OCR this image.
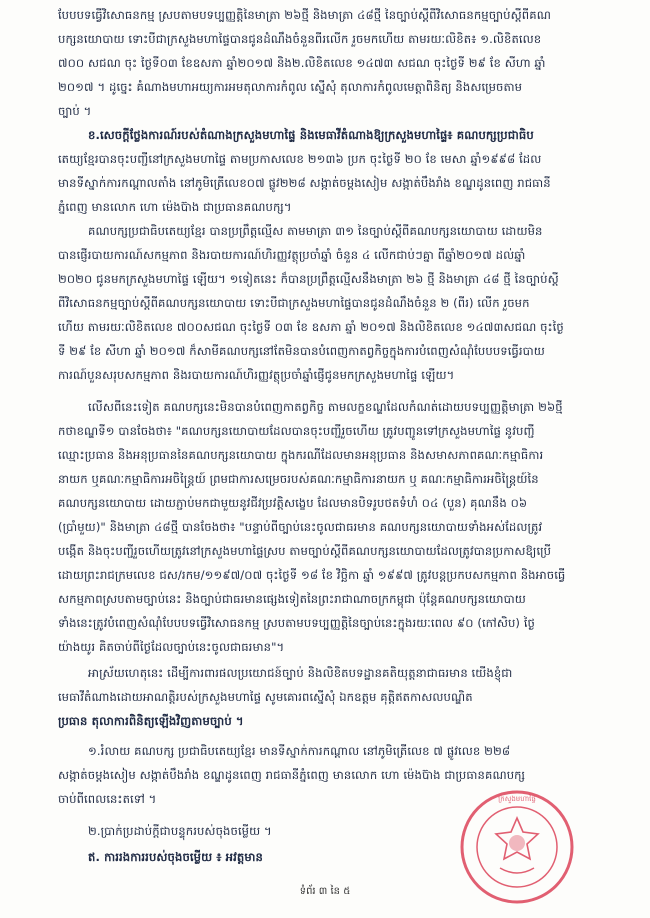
បែបបទធ្វើវិសោធនកម្ម ស្របតាមបទប្បញ្ញត្តិនៃមាត្រា ២៦ថ្មី និងមាត្រា ៤៨ថ្មី នៃច្បាប់ស្តីពីវិសោធនកម្មច្បាប់ស្តីពីគណ
បក្សនយោបាយ ទោះបីជាក្រសួងមហាផ្ទៃបានជូនដំណឹងចំនួនពីរលើក រួចមកហើយ តាមរយៈលិខិត៖ ១.លិខិតលេខ
៧០០ សជណ ចុះ ថ្ងៃទី០៣ ខែឧសភា ឆ្នាំ២០១៧ និង២.លិខិតលេខ ១៤៧៣ សជណ ចុះថ្ងៃទី ២៩ ខែ សីហា ឆ្នាំ
២០១៧ ។ ដូច្នេះ គំណាងមហាអយ្យការអមតុលាការកំពូល ស្នើសុំ តុលាការកំពូលមេត្តាពិនិត្យ និងសម្រេចតាម
ច្បាប់ ។
ខ.សេចក្តីថ្លែងការណ៍របស់តំណាងក្រសួងមហាផ្ទៃ និងមេធាវីតំណាងឱ្យក្រសួងមហាផ្ទៃ៖ គណបក្សប្រជាធិប
តេយ្យខ្មែរបានចុះបញ្ជីនៅក្រសួងមហាផ្ទៃ តាមប្រកាសលេខ ២១៣៦ ប្រក ចុះថ្ងៃទី ២០ ខែ មេសា ឆ្នាំ១៩៩៨ ដែល
មានទីស្នាក់ការកណ្តាលតាំង នៅភូមិត្រើលេខ០៧ ផ្លូវ២២៨ សង្កាត់ចម្តងសៀម សង្កាត់បឹងរាំង ខណ្ឌដូនពេញ រាជធានី
ភ្នំពេញ មានលោក ហោ ម៉េងប៊ាង ជាប្រធានគណបក្ស។
គណបក្សប្រជាធិបតេយ្យខ្មែរ បានប្រព្រឹត្តល្មើស តាមមាត្រា ៣១ នៃច្បាប់ស្តីពីគណបក្សនយោបាយ ដោយមិន
បានផ្ញើរបាយការណ៍សកម្មភាព និងរបាយការណ៍ហិរញ្ញវត្ថុប្រចាំឆ្នាំ ចំនួន ៤ លើកជាប់ៗគ្នា ពីឆ្នាំ២០១៧ ដល់ឆ្នាំ
២០២០ ជូនមកក្រសួងមហាផ្ទៃ ឡើយ។ ១ទៀតនេះ ក៏បានប្រព្រឹត្តល្មើសនឹងមាត្រា ២៦ ថ្មី និងមាត្រា ៤៨ ថ្មី នៃច្បាប់ស្តី
ពីវិសោធនកម្មច្បាប់ស្តីពីគណបក្សនយោបាយ ទោះបីជាក្រសួងមហាផ្ទៃបានជូនដំណឹងចំនួន ២ (ពីរ) លើក រួចមក
ហើយ តាមរយៈលិខិតលេខ ៧០០សជណ ចុះថ្ងៃទី ០៣ ខែ ឧសភា ឆ្នាំ ២០១៧ និងលិខិតលេខ ១៤៧៣សជណ ចុះថ្ងៃ
ទី ២៩ ខែ សីហា ឆ្នាំ ២០១៧ ក៏សាមីគណបក្សនៅតែមិនបានបំពេញកាតព្វកិច្ចក្នុងការបំពេញសំណុំបែបបទធ្វើរបាយ
ការណ៍បួនសរុបសកម្មភាព និងរបាយការណ៍ហិរញ្ញវត្ថុប្រចាំឆ្នាំផ្ញើជូនមកក្រសួងមហាផ្ទៃ ឡើយ។
លើសពីនេះទៀត គណបក្សនេះមិនបានបំពេញកាតព្វកិច្ច តាមលក្ខខណ្ឌដែលកំណត់ដោយបទប្បញ្ញត្តិមាត្រា ២៦ថ្មី
កថាខណ្ឌទី១ បានចែងថា៖ "គណបក្សនយោបាយដែលបានចុះបញ្ជីរួចហើយ ត្រូវបញ្ជូនទៅក្រសួងមហាផ្ទៃ នូវបញ្ជី
ឈ្មោះប្រធាន និងអនុប្រធាននៃគណបក្សនយោបាយ ក្នុងករណីដែលមានអនុប្រធាន និងសមាសភាពគណៈកម្មាធិការ
នាយក ឬគណៈកម្មាធិការអចិន្ត្រៃយ៍ ព្រមជាការសម្រេចរបស់គណៈកម្មាធិការនាយក ឬ គណៈកម្មាធិការអចិន្ត្រៃយ៍នៃ
គណបក្សនយោបាយ ដោយភ្ជាប់មកជាមួយនូវជីវប្រវត្តិសង្ខេប ដែលមានបិទរូបថតទំហំ ០៤ (បួន) គុណនឹង ០៦
(ប្រាំមួយ)" និងមាត្រា ៤៨ថ្មី បានចែងថា៖ "បន្ទាប់ពីច្បាប់នេះចូលជាធរមាន គណបក្សនយោបាយទាំងអស់ដែលត្រូវ
បង្កើត និងចុះបញ្ជីរួចហើយត្រូវនៅក្រសួងមហាផ្ទៃស្រប តាមច្បាប់ស្តីពីគណបក្សនយោបាយដែលត្រូវបានប្រកាសឱ្យប្រើ
ដោយព្រះរាជក្រមលេខ ជស/រកម/១១៩៧/០៧ ចុះថ្ងៃទី ១៨ ខែ វិច្ឆិកា ឆ្នាំ ១៩៩៧ ត្រូវបន្តប្រកបសកម្មភាព និងអាចធ្វើ
សកម្មភាពស្របតាមច្បាប់នេះ និងច្បាប់ជាធរមានផ្សេងទៀតនៃព្រះរាជាណាចក្រកម្ពុជា ប៉ុន្តែគណបក្សនយោបាយ
ទាំងនេះត្រូវបំពេញសំណុំបែបបទធ្វើវិសោធនកម្ម ស្របតាមបទប្បញ្ញត្តិនៃច្បាប់នេះក្នុងរយៈពេល ៩០ (កៅសិប) ថ្ងៃ
យ៉ាងយូរ គិតចាប់ពីថ្ងៃដែលច្បាប់នេះចូលជាធរមាន"។
អាស្រ័យហេតុនេះ ដើម្បីការពារផលប្រយោជន៍ច្បាប់ និងលិខិតបទដ្ឋានគតិយុត្តនាជាធរមាន យើងខ្ញុំជា
មេធាវីតំណាងដោយអាណត្តិរបស់ក្រសួងមហាផ្ទៃ សូមគោរពស្នើសុំ ឯកឧត្តម គុត្តិឥតកាសលបណ្ឌិត
ប្រធាន តុលាការពិនិត្យឡើងវិញតាមច្បាប់ ។
១.រំលាយ គណបក្ស ប្រជាធិបតេយ្យខ្មែរ មានទីស្នាក់ការកណ្តាល នៅភូមិត្រើលេខ ៧ ផ្លូវលេខ ២២៨
សង្កាត់ចម្តងសៀម សង្កាត់បឹងរាំង ខណ្ឌដូនពេញ រាជធានីភ្នំពេញ មានលោក ហោ ម៉េងប៊ាង ជាប្រធានគណបក្ស
ចាប់ពីពេលនេះតទៅ ។
២.ប្រាក់ប្រដាប់ក្តីជាបន្ទុករបស់ចុងចម្លើយ ។
ឥ. ការរងការរបស់ចុងចម្លើយ ៖ អវត្តមាន
ក្រសួងមហាផ្ទៃ
ទំព័រ ៣ នៃ ៥
